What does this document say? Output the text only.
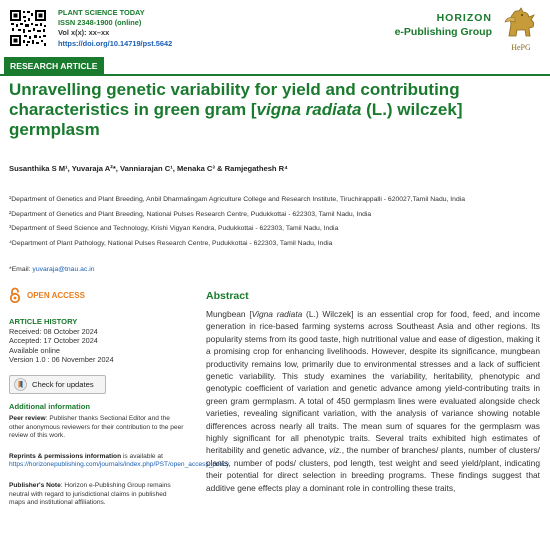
PLANT SCIENCE TODAY
ISSN 2348-1900 (online)
Vol x(x): xx–xx
https://doi.org/10.14719/pst.5642
HORIZON
e-Publishing Group
HePG
RESEARCH ARTICLE
Unravelling genetic variability for yield and contributing characteristics in green gram [vigna radiata (L.) wilczek] germplasm
Susanthika S M¹, Yuvaraja A²*, Vanniarajan C¹, Menaka C³ & Ramjegathesh R⁴
¹Department of Genetics and Plant Breeding, Anbil Dharmalingam Agriculture College and Research Institute, Tiruchirappalli - 620027,Tamil Nadu, India
²Department of Genetics and Plant Breeding, National Pulses Research Centre, Pudukkottai - 622303, Tamil Nadu, India
³Department of Seed Science and Technology, Krishi Vigyan Kendra, Pudukkottai - 622303, Tamil Nadu, India
⁴Department of Plant Pathology, National Pulses Research Centre, Pudukkottai - 622303, Tamil Nadu, India
*Email: yuvaraja@tnau.ac.in
OPEN ACCESS
ARTICLE HISTORY
Received: 08 October 2024
Accepted: 17 October 2024
Available online
Version 1.0 : 06 November 2024
Check for updates
Additional information
Peer review: Publisher thanks Sectional Editor and the other anonymous reviewers for their contribution to the peer review of this work.
Reprints & permissions information is available at https://horizonepublishing.com/journals/index.php/PST/open_access_policy
Publisher's Note: Horizon e-Publishing Group remains neutral with regard to jurisdictional claims in published maps and institutional affiliations.
Abstract
Mungbean [Vigna radiata (L.) Wilczek] is an essential crop for food, feed, and income generation in rice-based farming systems across Southeast Asia and other regions. Its popularity stems from its good taste, high nutritional value and ease of digestion, making it a promising crop for enhancing livelihoods. However, despite its significance, mungbean productivity remains low, primarily due to environmental stresses and a lack of sufficient genetic variability. This study examines the variability, heritability, phenotypic and genotypic coefficient of variation and genetic advance among yield-contributing traits in green gram germplasm. A total of 450 germplasm lines were evaluated alongside check varieties, revealing significant variation, with the analysis of variance showing notable differences across nearly all traits. The mean sum of squares for the germplasm was highly significant for all phenotypic traits. Several traits exhibited high estimates of heritability and genetic advance, viz., the number of branches/ plants, number of clusters/ plants, number of pods/ clusters, pod length, test weight and seed yield/plant, indicating their potential for direct selection in breeding programs. These findings suggest that additive gene effects play a dominant role in controlling these traits,
